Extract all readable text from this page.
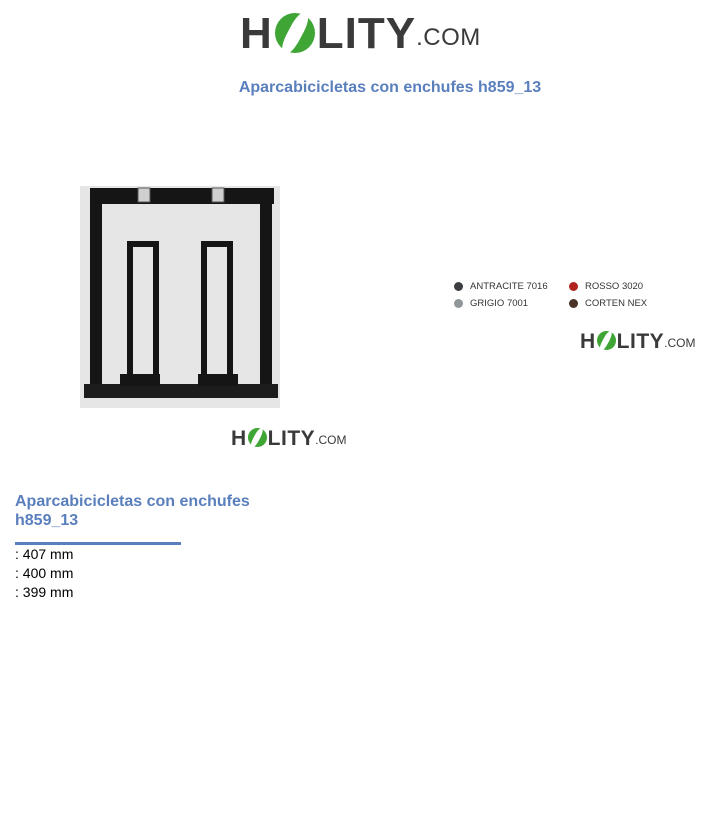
H LITY .COM
Aparcabicicletas con enchufes h859_13
H LITY .COM
ANTRACITE 7016	ROSSO 3020
GRIGIO 7001	CORTEN NEX
H LITY .COM
Aparcabicicletas con enchufes h859_13
: 407 mm
: 400 mm
: 399 mm
